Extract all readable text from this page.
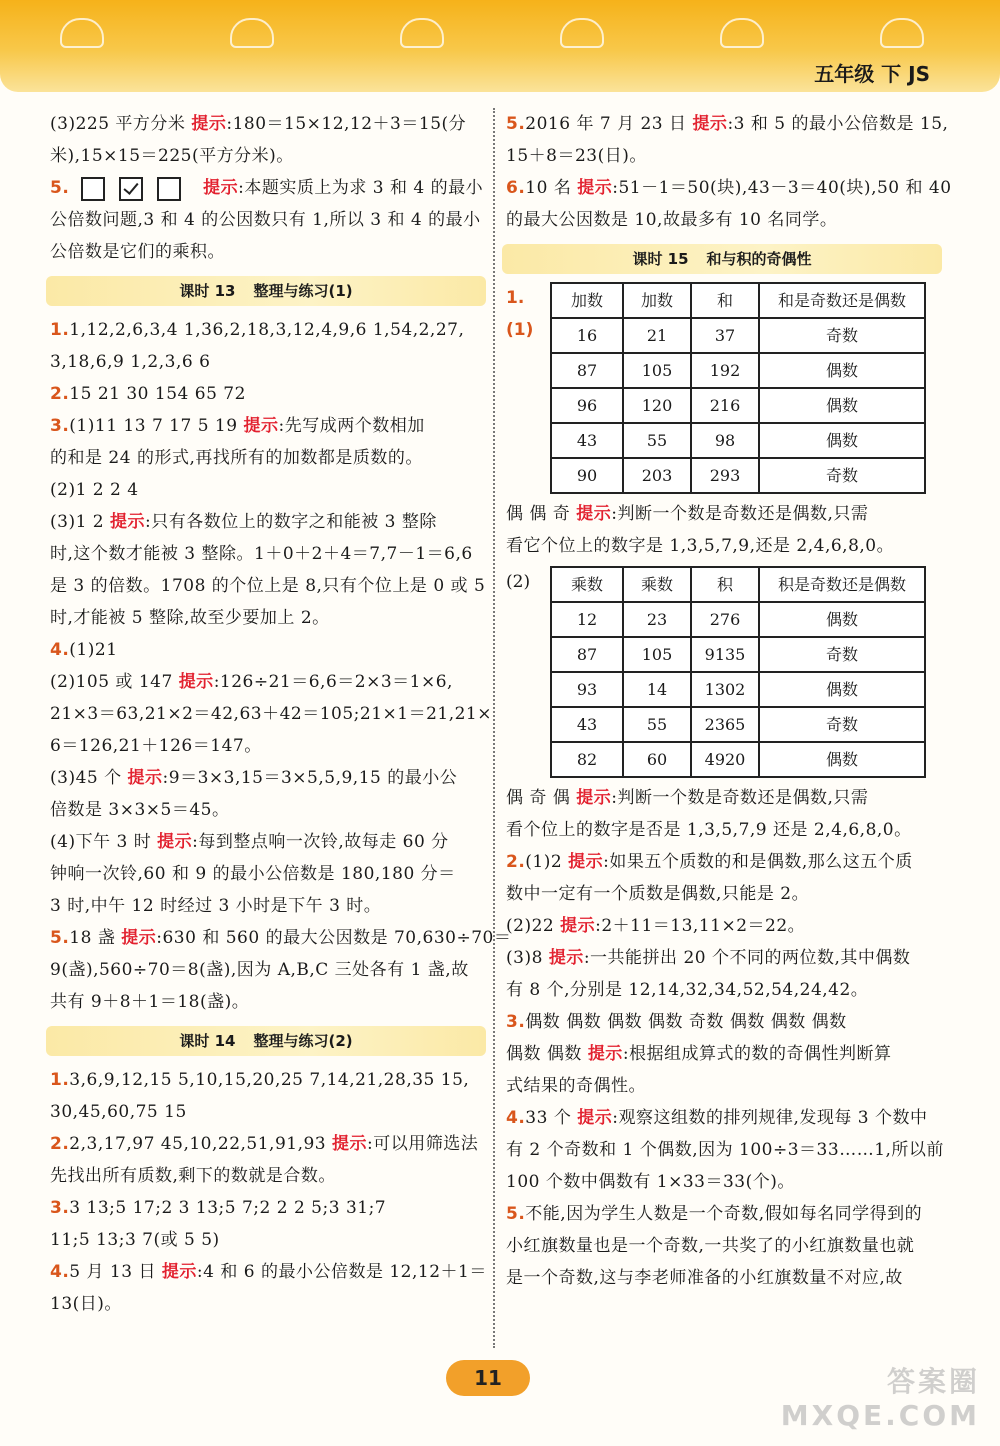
五年级 下 JS
(3)225 平方分米 提示:180＝15×12,12＋3＝15(分
米),15×15＝225(平方分米)。
5.	提示:本题实质上为求 3 和 4 的最小
公倍数问题,3 和 4 的公因数只有 1,所以 3 和 4 的最小
公倍数是它们的乘积。
课时 13 整理与练习(1)
1.1,12,2,6,3,4 1,36,2,18,3,12,4,9,6 1,54,2,27,
3,18,6,9 1,2,3,6 6
2.15 21 30 154 65 72
3.(1)11 13 7 17 5 19 提示:先写成两个数相加
的和是 24 的形式,再找所有的加数都是质数的。
(2)1 2 2 4
(3)1 2 提示:只有各数位上的数字之和能被 3 整除
时,这个数才能被 3 整除。1＋0＋2＋4＝7,7－1＝6,6
是 3 的倍数。1708 的个位上是 8,只有个位上是 0 或 5
时,才能被 5 整除,故至少要加上 2。
4.(1)21
(2)105 或 147 提示:126÷21＝6,6＝2×3＝1×6,
21×3＝63,21×2＝42,63＋42＝105;21×1＝21,21×
6＝126,21＋126＝147。
(3)45 个 提示:9＝3×3,15＝3×5,5,9,15 的最小公
倍数是 3×3×5＝45。
(4)下午 3 时 提示:每到整点响一次铃,故每走 60 分
钟响一次铃,60 和 9 的最小公倍数是 180,180 分＝
3 时,中午 12 时经过 3 小时是下午 3 时。
5.18 盏 提示:630 和 560 的最大公因数是 70,630÷70＝
9(盏),560÷70＝8(盏),因为 A,B,C 三处各有 1 盏,故
共有 9＋8＋1＝18(盏)。
课时 14 整理与练习(2)
1.3,6,9,12,15 5,10,15,20,25 7,14,21,28,35 15,
30,45,60,75 15
2.2,3,17,97 45,10,22,51,91,93 提示:可以用筛选法
先找出所有质数,剩下的数就是合数。
3.3 13;5 17;2 3 13;5 7;2 2 2 5;3 31;7
11;5 13;3 7(或 5 5)
4.5 月 13 日 提示:4 和 6 的最小公倍数是 12,12＋1＝
13(日)。
5.2016 年 7 月 23 日 提示:3 和 5 的最小公倍数是 15,
15＋8＝23(日)。
6.10 名 提示:51－1＝50(块),43－3＝40(块),50 和 40
的最大公因数是 10,故最多有 10 名同学。
课时 15 和与积的奇偶性
1.(1)
加数	加数	和	和是奇数还是偶数
16	21	37	奇数
87	105	192	偶数
96	120	216	偶数
43	55	98	偶数
90	203	293	奇数
偶 偶 奇 提示:判断一个数是奇数还是偶数,只需
看它个位上的数字是 1,3,5,7,9,还是 2,4,6,8,0。
(2)	乘数	乘数	积	积是奇数还是偶数
12	23	276	偶数
87	105	9135	奇数
93	14	1302	偶数
43	55	2365	奇数
82	60	4920	偶数
偶 奇 偶 提示:判断一个数是奇数还是偶数,只需
看个位上的数字是否是 1,3,5,7,9 还是 2,4,6,8,0。
2.(1)2 提示:如果五个质数的和是偶数,那么这五个质
数中一定有一个质数是偶数,只能是 2。
(2)22 提示:2＋11＝13,11×2＝22。
(3)8 提示:一共能拼出 20 个不同的两位数,其中偶数
有 8 个,分别是 12,14,32,34,52,54,24,42。
3.偶数 偶数 偶数 偶数 奇数 偶数 偶数 偶数
偶数 偶数 提示:根据组成算式的数的奇偶性判断算
式结果的奇偶性。
4.33 个 提示:观察这组数的排列规律,发现每 3 个数中
有 2 个奇数和 1 个偶数,因为 100÷3＝33……1,所以前
100 个数中偶数有 1×33＝33(个)。
5.不能,因为学生人数是一个奇数,假如每名同学得到的
小红旗数量也是一个奇数,一共奖了的小红旗数量也就
是一个奇数,这与李老师准备的小红旗数量不对应,故
11	答案圈
MXQE.COM
